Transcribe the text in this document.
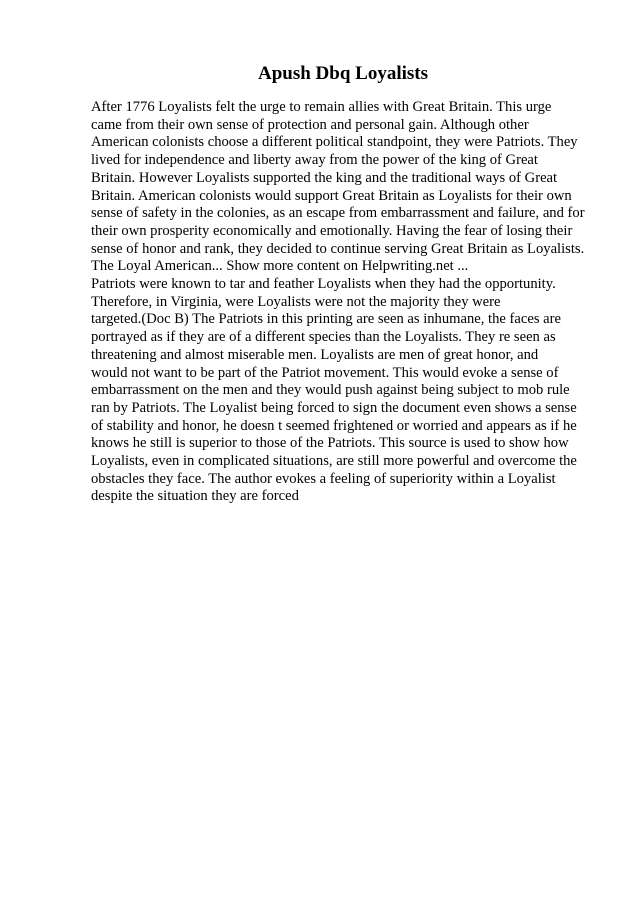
Apush Dbq Loyalists
After 1776 Loyalists felt the urge to remain allies with Great Britain. This urge
came from their own sense of protection and personal gain. Although other
American colonists choose a different political standpoint, they were Patriots. They
lived for independence and liberty away from the power of the king of Great
Britain. However Loyalists supported the king and the traditional ways of Great
Britain. American colonists would support Great Britain as Loyalists for their own
sense of safety in the colonies, as an escape from embarrassment and failure, and for
their own prosperity economically and emotionally. Having the fear of losing their
sense of honor and rank, they decided to continue serving Great Britain as Loyalists.
The Loyal American... Show more content on Helpwriting.net ...
Patriots were known to tar and feather Loyalists when they had the opportunity.
Therefore, in Virginia, were Loyalists were not the majority they were
targeted.(Doc B) The Patriots in this printing are seen as inhumane, the faces are
portrayed as if they are of a different species than the Loyalists. They re seen as
threatening and almost miserable men. Loyalists are men of great honor, and
would not want to be part of the Patriot movement. This would evoke a sense of
embarrassment on the men and they would push against being subject to mob rule
ran by Patriots. The Loyalist being forced to sign the document even shows a sense
of stability and honor, he doesn t seemed frightened or worried and appears as if he
knows he still is superior to those of the Patriots. This source is used to show how
Loyalists, even in complicated situations, are still more powerful and overcome the
obstacles they face. The author evokes a feeling of superiority within a Loyalist
despite the situation they are forced
